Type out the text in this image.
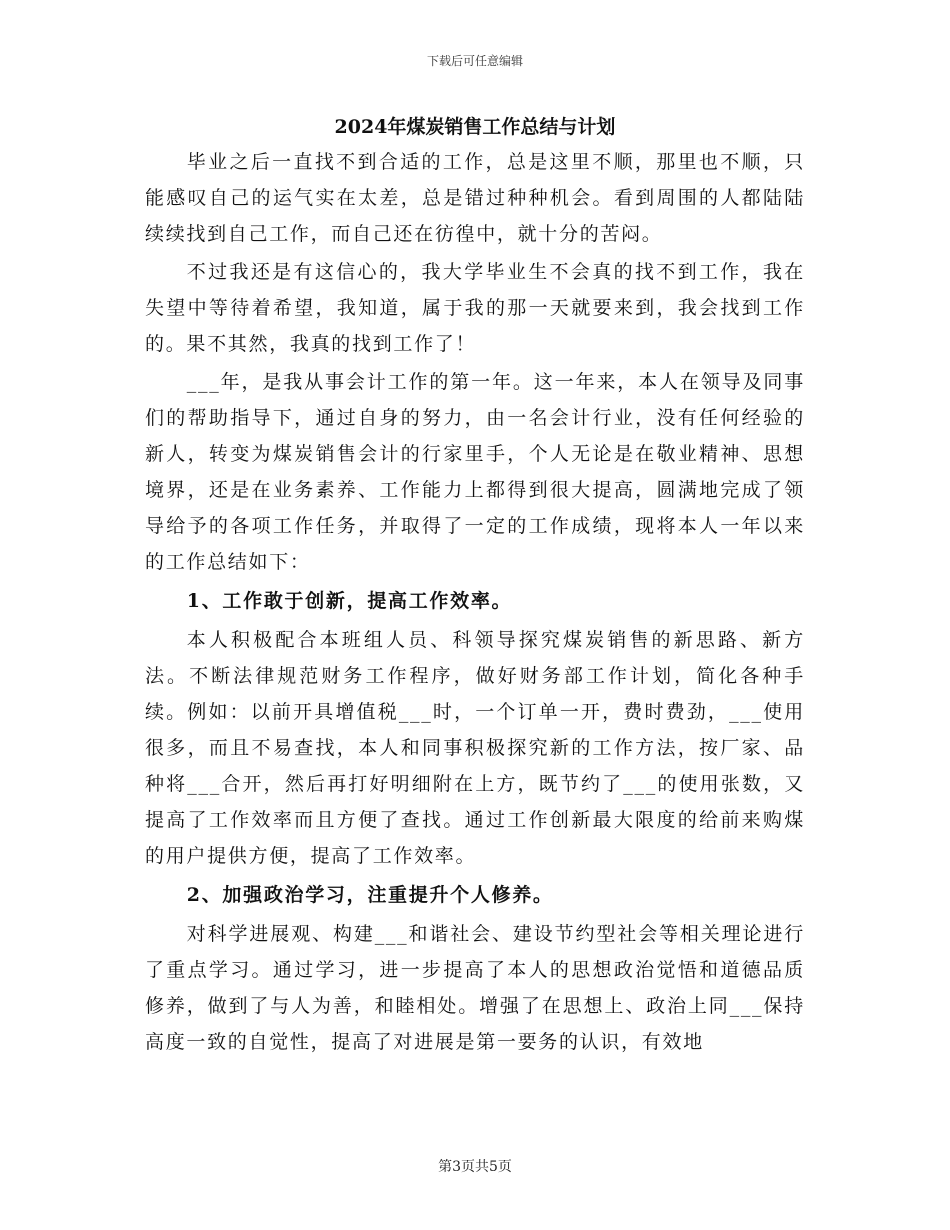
下载后可任意编辑
2024年煤炭销售工作总结与计划

毕业之后一直找不到合适的工作，总是这里不顺，那里也不顺，只能感叹自己的运气实在太差，总是错过种种机会。看到周围的人都陆陆续续找到自己工作，而自己还在彷徨中，就十分的苦闷。

不过我还是有这信心的，我大学毕业生不会真的找不到工作，我在失望中等待着希望，我知道，属于我的那一天就要来到，我会找到工作的。果不其然，我真的找到工作了！

___年，是我从事会计工作的第一年。这一年来，本人在领导及同事们的帮助指导下，通过自身的努力，由一名会计行业，没有任何经验的新人，转变为煤炭销售会计的行家里手，个人无论是在敬业精神、思想境界，还是在业务素养、工作能力上都得到很大提高，圆满地完成了领导给予的各项工作任务，并取得了一定的工作成绩，现将本人一年以来的工作总结如下：

1、工作敢于创新，提高工作效率。

本人积极配合本班组人员、科领导探究煤炭销售的新思路、新方法。不断法律规范财务工作程序，做好财务部工作计划，简化各种手续。例如：以前开具增值税___时，一个订单一开，费时费劲，___使用很多，而且不易查找，本人和同事积极探究新的工作方法，按厂家、品种将___合开，然后再打好明细附在上方，既节约了___的使用张数，又提高了工作效率而且方便了查找。通过工作创新最大限度的给前来购煤的用户提供方便，提高了工作效率。

2、加强政治学习，注重提升个人修养。

对科学进展观、构建___和谐社会、建设节约型社会等相关理论进行了重点学习。通过学习，进一步提高了本人的思想政治觉悟和道德品质修养，做到了与人为善，和睦相处。增强了在思想上、政治上同___保持高度一致的自觉性，提高了对进展是第一要务的认识，有效地

第3页共5页
